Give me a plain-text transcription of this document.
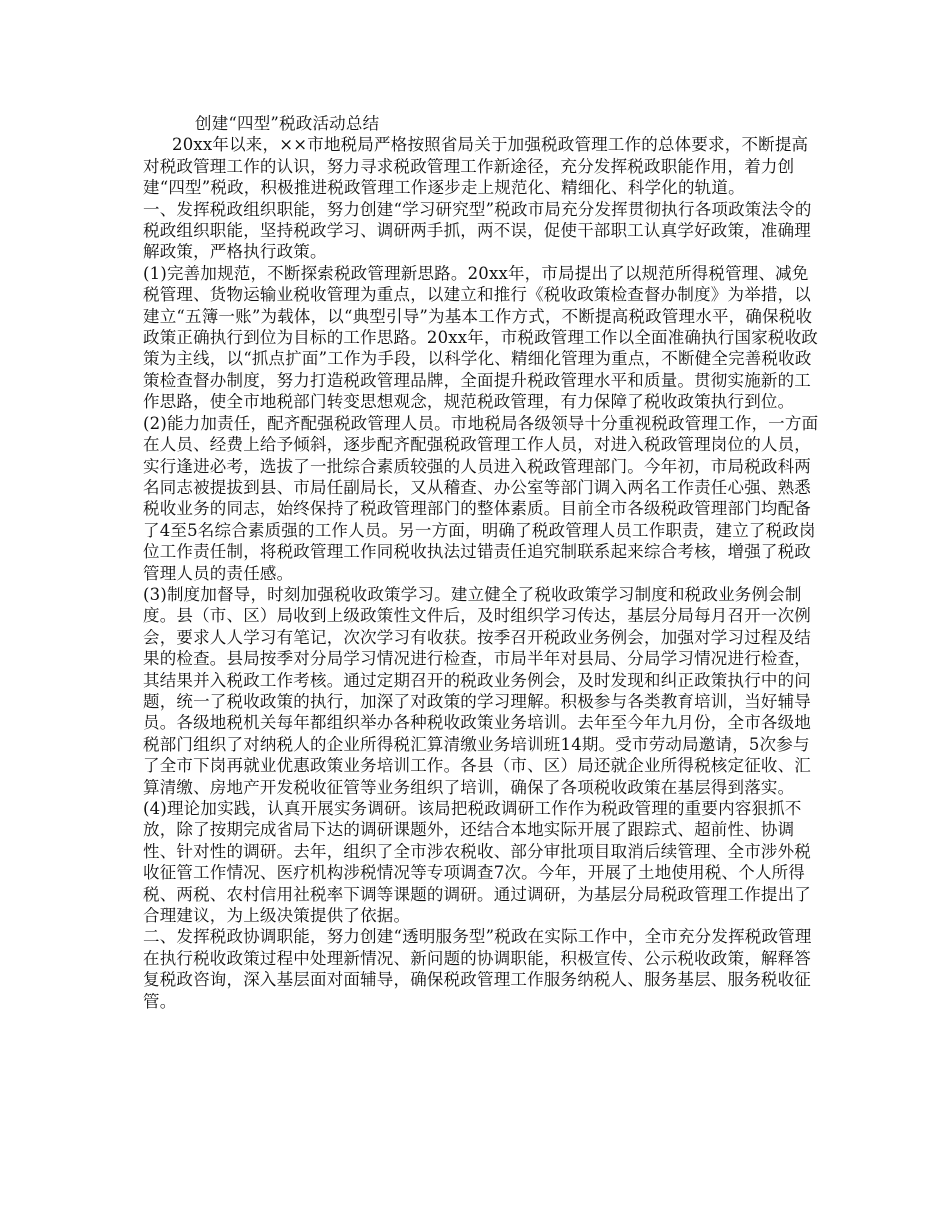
创建“四型”税政活动总结

20xx年以来，××市地税局严格按照省局关于加强税政管理工作的总体要求，不断提高对税政管理工作的认识，努力寻求税政管理工作新途径，充分发挥税政职能作用，着力创建“四型”税政，积极推进税政管理工作逐步走上规范化、精细化、科学化的轨道。

一、发挥税政组织职能，努力创建“学习研究型”税政市局充分发挥贯彻执行各项政策法令的税政组织职能，坚持税政学习、调研两手抓，两不误，促使干部职工认真学好政策，准确理解政策，严格执行政策。

(1)完善加规范，不断探索税政管理新思路。20xx年，市局提出了以规范所得税管理、减免税管理、货物运输业税收管理为重点，以建立和推行《税收政策检查督办制度》为举措，以建立“五簿一账”为载体，以“典型引导”为基本工作方式，不断提高税政管理水平，确保税收政策正确执行到位为目标的工作思路。20xx年，市税政管理工作以全面准确执行国家税收政策为主线，以“抓点扩面”工作为手段，以科学化、精细化管理为重点，不断健全完善税收政策检查督办制度，努力打造税政管理品牌，全面提升税政管理水平和质量。贯彻实施新的工作思路，使全市地税部门转变思想观念，规范税政管理，有力保障了税收政策执行到位。

(2)能力加责任，配齐配强税政管理人员。市地税局各级领导十分重视税政管理工作，一方面在人员、经费上给予倾斜，逐步配齐配强税政管理工作人员，对进入税政管理岗位的人员，实行逢进必考，选拔了一批综合素质较强的人员进入税政管理部门。今年初，市局税政科两名同志被提拔到县、市局任副局长，又从稽查、办公室等部门调入两名工作责任心强、熟悉税收业务的同志，始终保持了税政管理部门的整体素质。目前全市各级税政管理部门均配备了4至5名综合素质强的工作人员。另一方面，明确了税政管理人员工作职责，建立了税政岗位工作责任制，将税政管理工作同税收执法过错责任追究制联系起来综合考核，增强了税政管理人员的责任感。

(3)制度加督导，时刻加强税收政策学习。建立健全了税收政策学习制度和税政业务例会制度。县（市、区）局收到上级政策性文件后，及时组织学习传达，基层分局每月召开一次例会，要求人人学习有笔记，次次学习有收获。按季召开税政业务例会，加强对学习过程及结果的检查。县局按季对分局学习情况进行检查，市局半年对县局、分局学习情况进行检查，其结果并入税政工作考核。通过定期召开的税政业务例会，及时发现和纠正政策执行中的问题，统一了税收政策的执行，加深了对政策的学习理解。积极参与各类教育培训，当好辅导员。各级地税机关每年都组织举办各种税收政策业务培训。去年至今年九月份，全市各级地税部门组织了对纳税人的企业所得税汇算清缴业务培训班14期。受市劳动局邀请，5次参与了全市下岗再就业优惠政策业务培训工作。各县（市、区）局还就企业所得税核定征收、汇算清缴、房地产开发税收征管等业务组织了培训，确保了各项税收政策在基层得到落实。

(4)理论加实践，认真开展实务调研。该局把税政调研工作作为税政管理的重要内容狠抓不放，除了按期完成省局下达的调研课题外，还结合本地实际开展了跟踪式、超前性、协调性、针对性的调研。去年，组织了全市涉农税收、部分审批项目取消后续管理、全市涉外税收征管工作情况、医疗机构涉税情况等专项调查7次。今年，开展了土地使用税、个人所得税、两税、农村信用社税率下调等课题的调研。通过调研，为基层分局税政管理工作提出了合理建议，为上级决策提供了依据。

二、发挥税政协调职能，努力创建“透明服务型”税政在实际工作中，全市充分发挥税政管理在执行税收政策过程中处理新情况、新问题的协调职能，积极宣传、公示税收政策，解释答复税政咨询，深入基层面对面辅导，确保税政管理工作服务纳税人、服务基层、服务税收征管。
